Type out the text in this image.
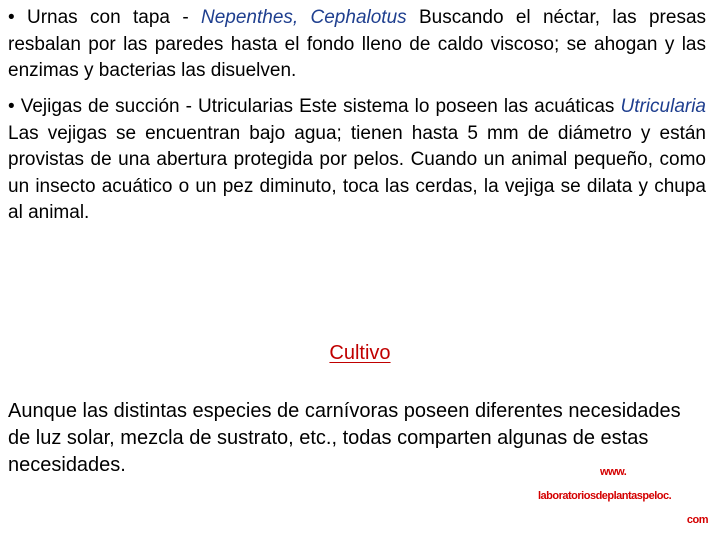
• Urnas con tapa - Nepenthes, Cephalotus Buscando el néctar, las presas resbalan por las paredes hasta el fondo lleno de caldo viscoso; se ahogan y las enzimas y bacterias las disuelven.

• Vejigas de succión - Utricularias Este sistema lo poseen las acuáticas Utricularia Las vejigas se encuentran bajo agua; tienen hasta 5 mm de diámetro y están provistas de una abertura protegida por pelos. Cuando un animal pequeño, como un insecto acuático o un pez diminuto, toca las cerdas, la vejiga se dilata y chupa al animal.

Cultivo
Aunque las distintas especies de carnívoras poseen diferentes necesidades de luz solar, mezcla de sustrato, etc., todas comparten algunas de estas necesidades.	www.
laboratoriosdeplantaspeloc.
com
